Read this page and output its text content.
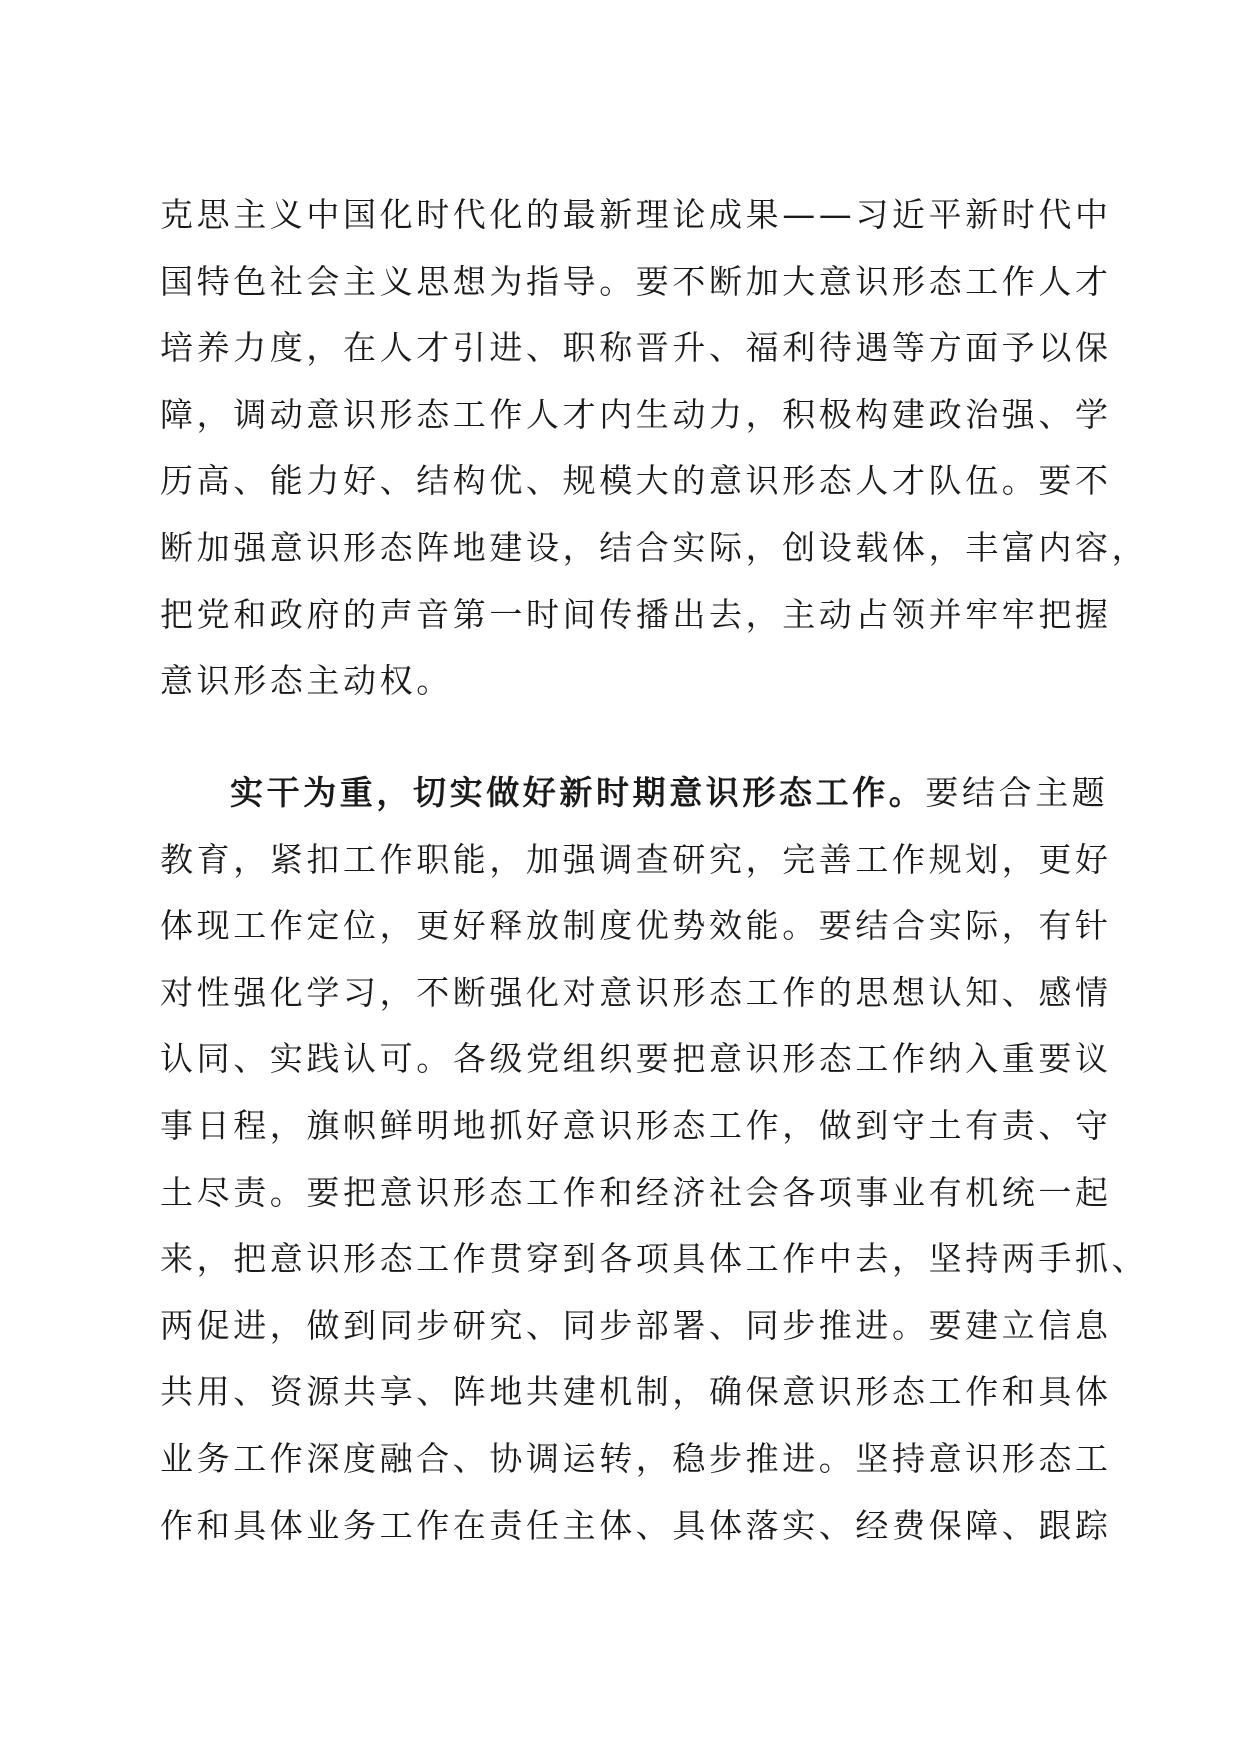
克思主义中国化时代化的最新理论成果——习近平新时代中
国特色社会主义思想为指导。要不断加大意识形态工作人才
培养力度，在人才引进、职称晋升、福利待遇等方面予以保
障，调动意识形态工作人才内生动力，积极构建政治强、学
历高、能力好、结构优、规模大的意识形态人才队伍。要不
断加强意识形态阵地建设，结合实际，创设载体，丰富内容，
把党和政府的声音第一时间传播出去，主动占领并牢牢把握
意识形态主动权。
实干为重，切实做好新时期意识形态工作。要结合主题
教育，紧扣工作职能，加强调查研究，完善工作规划，更好
体现工作定位，更好释放制度优势效能。要结合实际，有针
对性强化学习，不断强化对意识形态工作的思想认知、感情
认同、实践认可。各级党组织要把意识形态工作纳入重要议
事日程，旗帜鲜明地抓好意识形态工作，做到守土有责、守
土尽责。要把意识形态工作和经济社会各项事业有机统一起
来，把意识形态工作贯穿到各项具体工作中去，坚持两手抓、
两促进，做到同步研究、同步部署、同步推进。要建立信息
共用、资源共享、阵地共建机制，确保意识形态工作和具体
业务工作深度融合、协调运转，稳步推进。坚持意识形态工
作和具体业务工作在责任主体、具体落实、经费保障、跟踪
